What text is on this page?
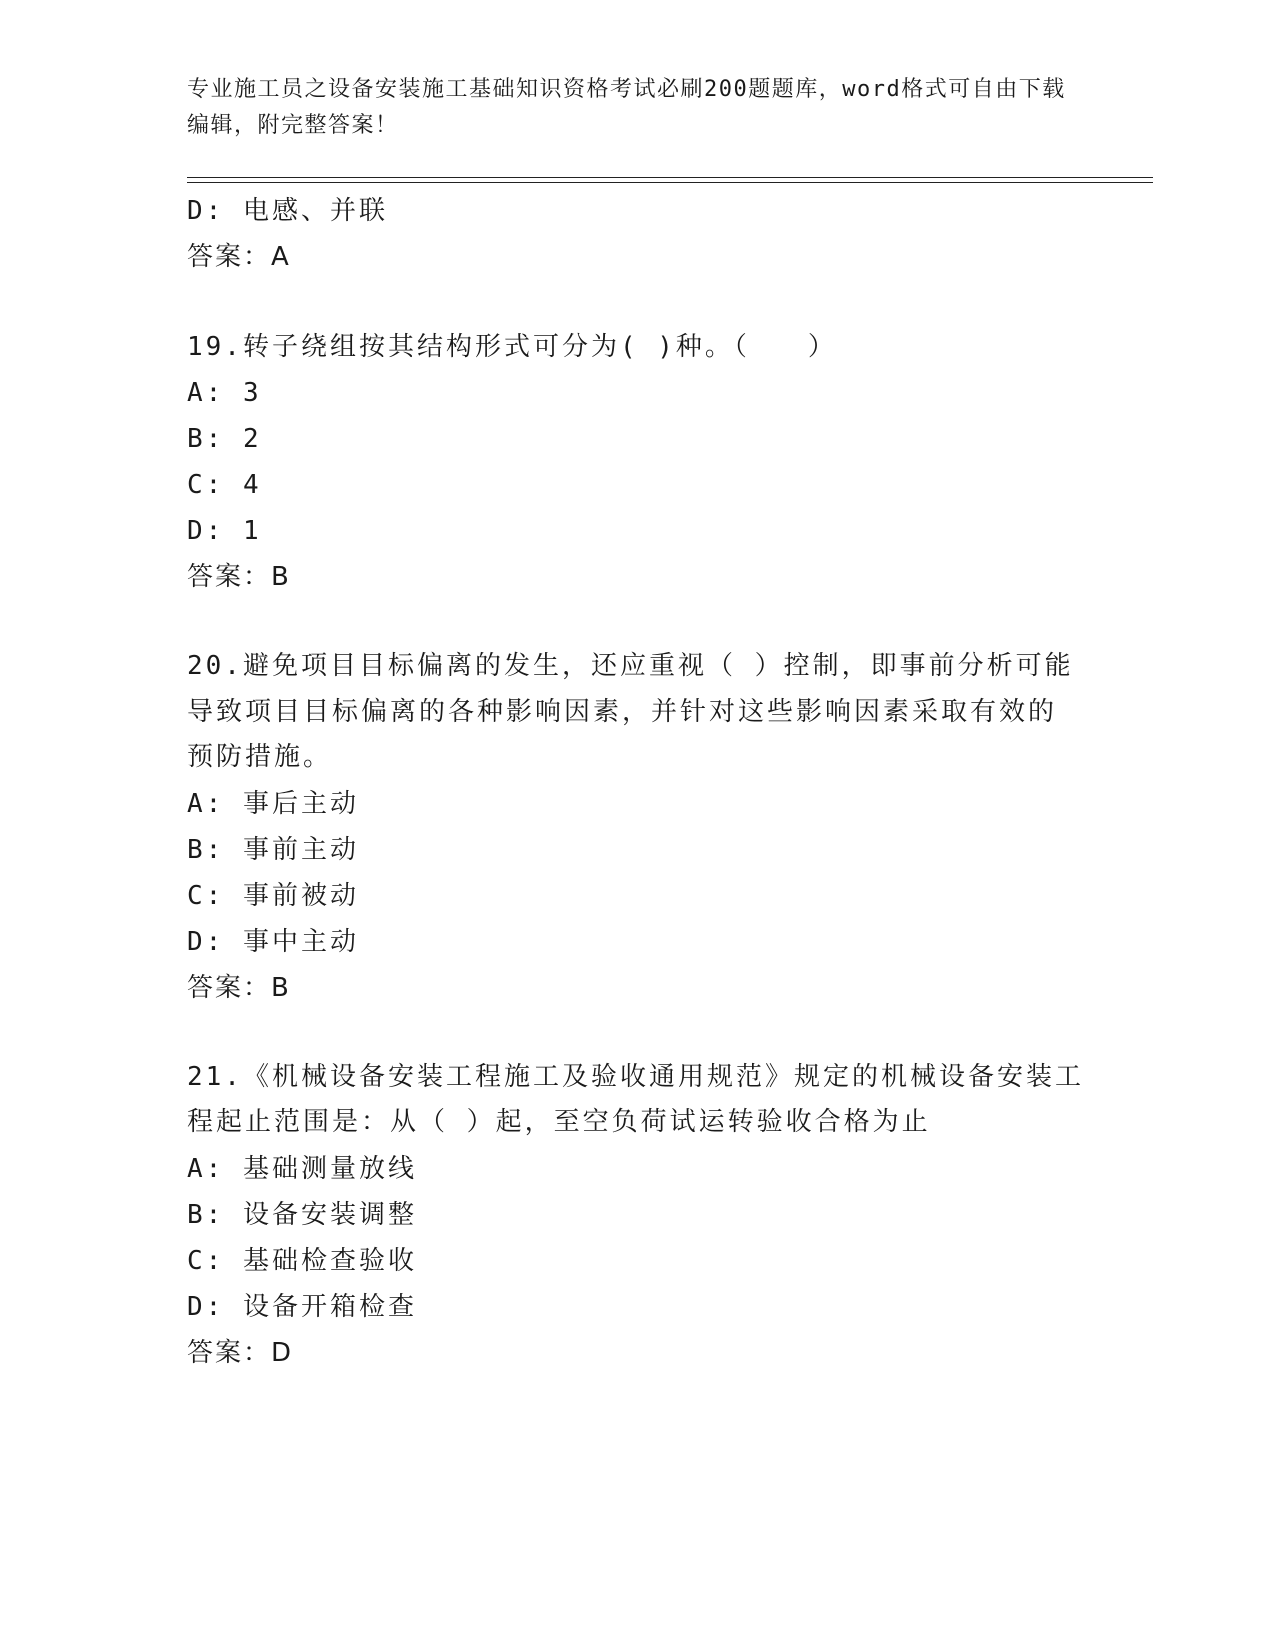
专业施工员之设备安装施工基础知识资格考试必刷200题题库，word格式可自由下载编辑，附完整答案！
D: 电感、并联
答案：A
19.转子绕组按其结构形式可分为( )种。（　　）
A: 3
B: 2
C: 4
D: 1
答案：B
20.避免项目目标偏离的发生，还应重视（ ）控制，即事前分析可能
导致项目目标偏离的各种影响因素，并针对这些影响因素采取有效的
预防措施。
A: 事后主动
B: 事前主动
C: 事前被动
D: 事中主动
答案：B
21.《机械设备安装工程施工及验收通用规范》规定的机械设备安装工
程起止范围是：从（ ）起，至空负荷试运转验收合格为止
A: 基础测量放线
B: 设备安装调整
C: 基础检查验收
D: 设备开箱检查
答案：D
